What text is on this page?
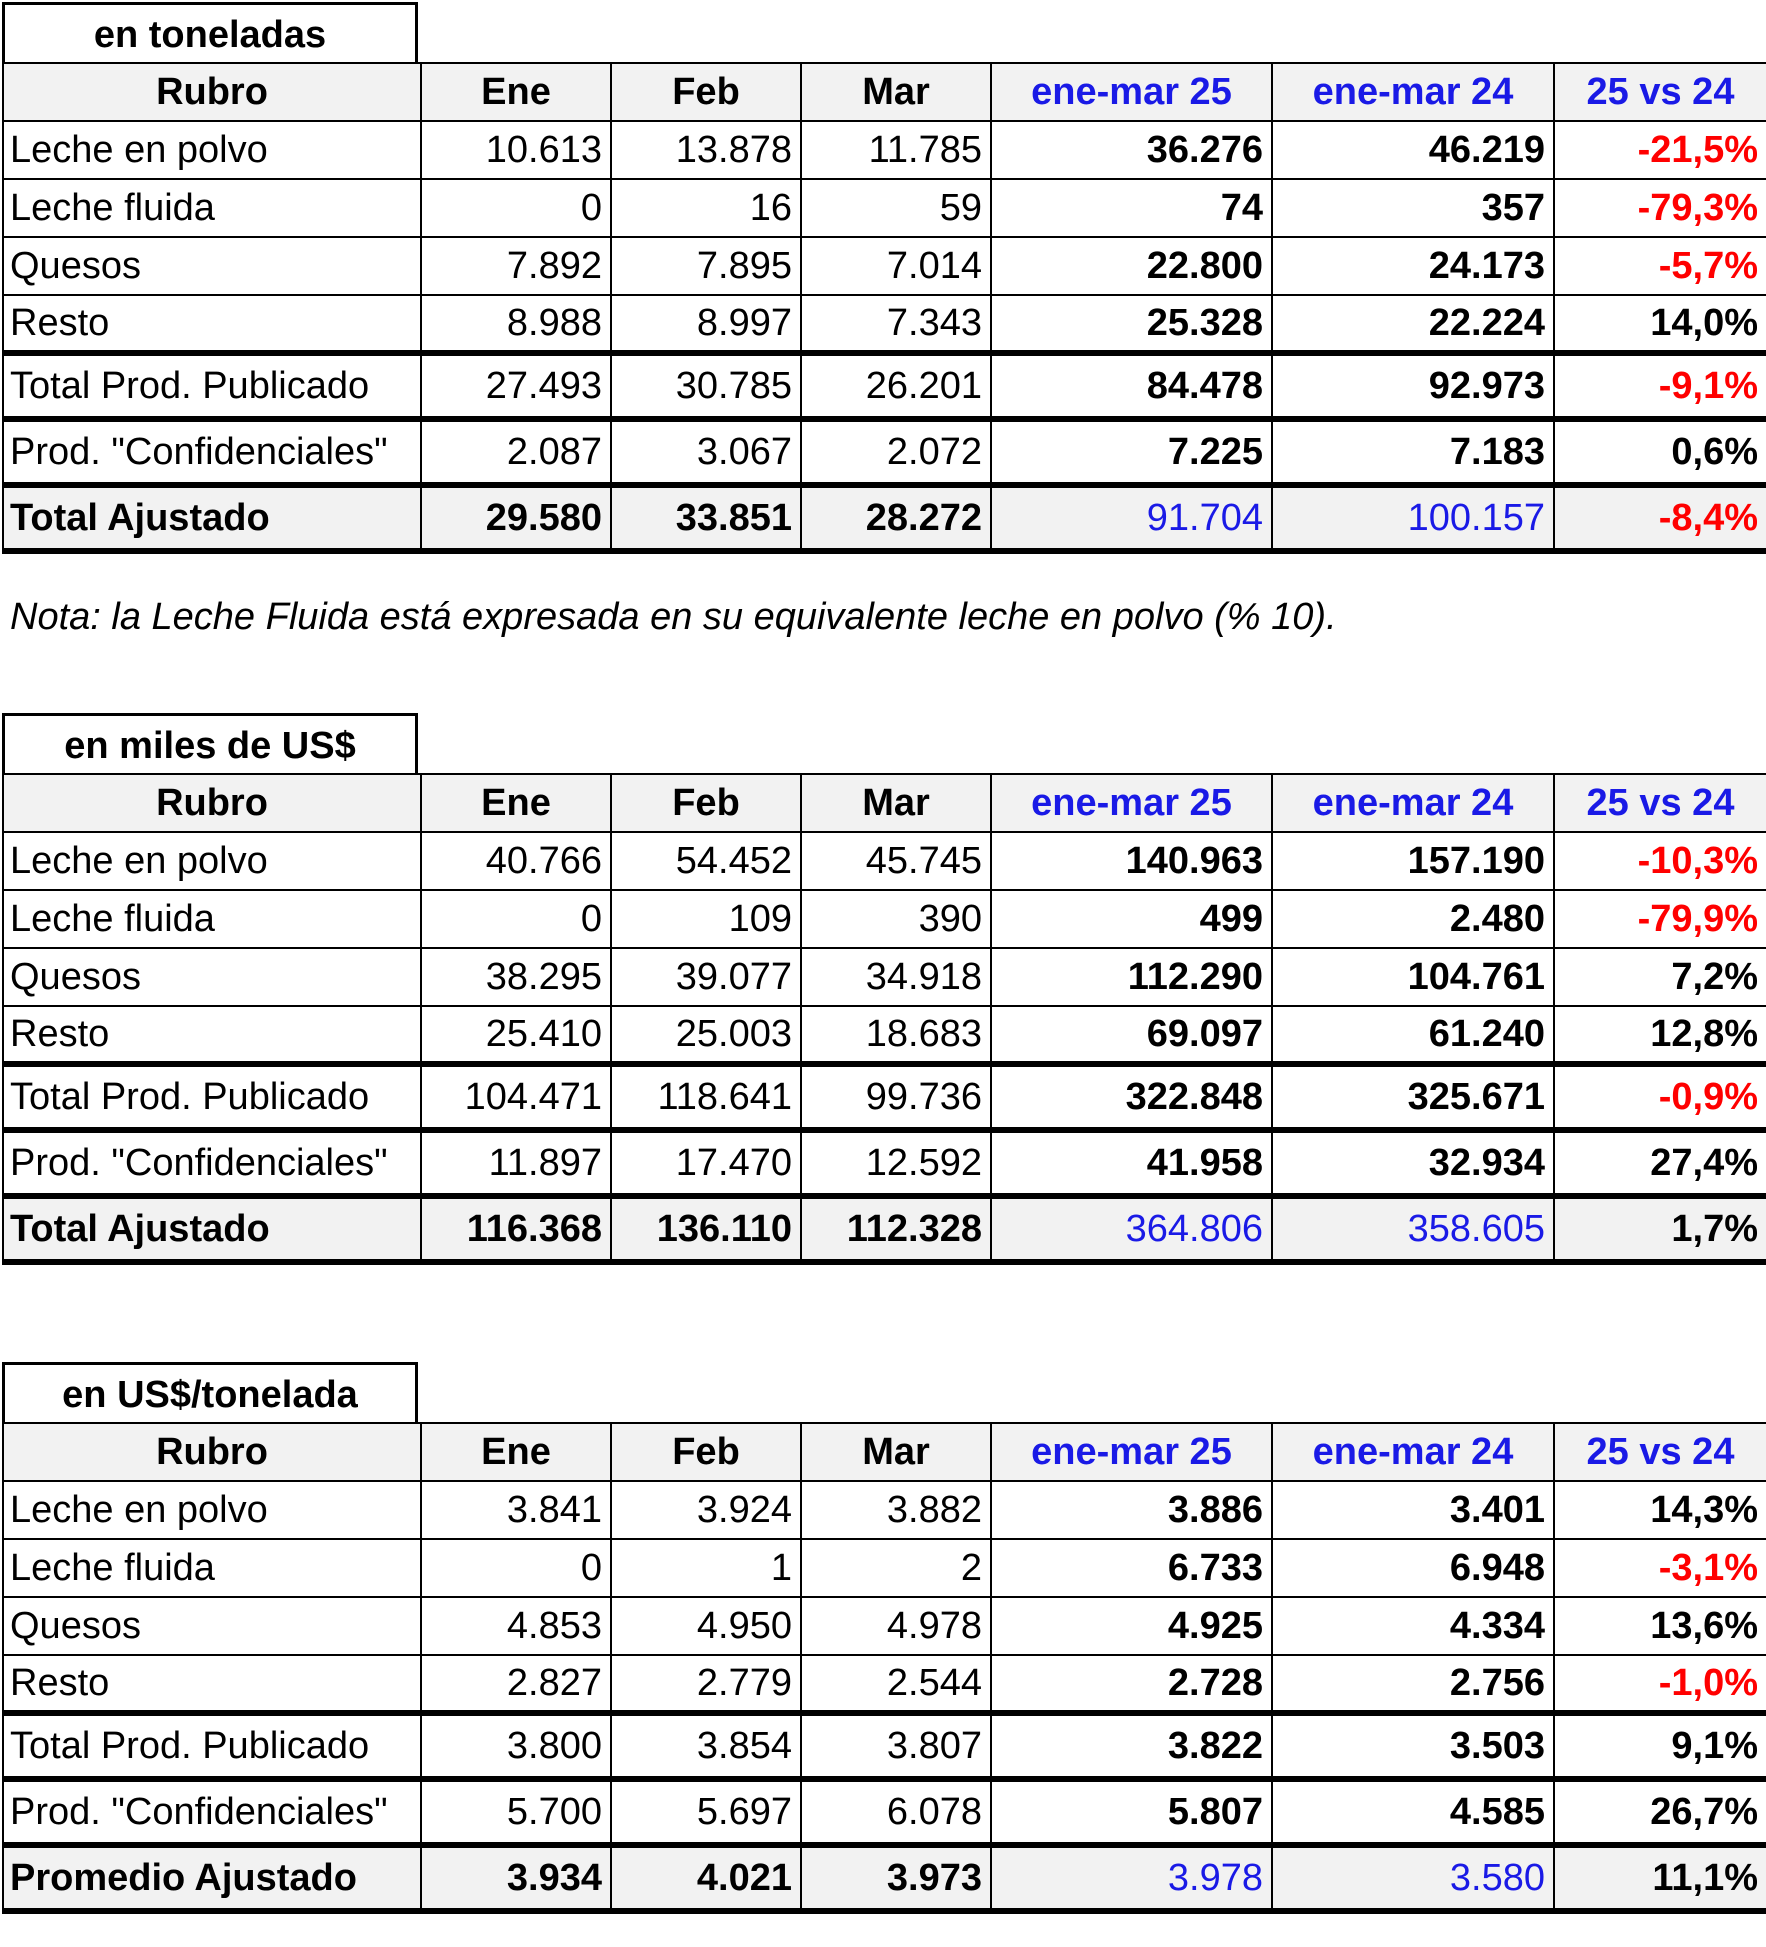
en toneladas
Rubro	Ene	Feb	Mar	ene-mar 25	ene-mar 24	25 vs 24
Leche en polvo	10.613	13.878	11.785	36.276	46.219	-21,5%
Leche fluida	0	16	59	74	357	-79,3%
Quesos	7.892	7.895	7.014	22.800	24.173	-5,7%
Resto	8.988	8.997	7.343	25.328	22.224	14,0%
Total Prod. Publicado	27.493	30.785	26.201	84.478	92.973	-9,1%
Prod. "Confidenciales"	2.087	3.067	2.072	7.225	7.183	0,6%
Total Ajustado	29.580	33.851	28.272	91.704	100.157	-8,4%
Nota: la Leche Fluida está expresada en su equivalente leche en polvo (% 10).
en miles de US$
Rubro	Ene	Feb	Mar	ene-mar 25	ene-mar 24	25 vs 24
Leche en polvo	40.766	54.452	45.745	140.963	157.190	-10,3%
Leche fluida	0	109	390	499	2.480	-79,9%
Quesos	38.295	39.077	34.918	112.290	104.761	7,2%
Resto	25.410	25.003	18.683	69.097	61.240	12,8%
Total Prod. Publicado	104.471	118.641	99.736	322.848	325.671	-0,9%
Prod. "Confidenciales"	11.897	17.470	12.592	41.958	32.934	27,4%
Total Ajustado	116.368	136.110	112.328	364.806	358.605	1,7%
en US$/tonelada
Rubro	Ene	Feb	Mar	ene-mar 25	ene-mar 24	25 vs 24
Leche en polvo	3.841	3.924	3.882	3.886	3.401	14,3%
Leche fluida	0	1	2	6.733	6.948	-3,1%
Quesos	4.853	4.950	4.978	4.925	4.334	13,6%
Resto	2.827	2.779	2.544	2.728	2.756	-1,0%
Total Prod. Publicado	3.800	3.854	3.807	3.822	3.503	9,1%
Prod. "Confidenciales"	5.700	5.697	6.078	5.807	4.585	26,7%
Promedio Ajustado	3.934	4.021	3.973	3.978	3.580	11,1%
